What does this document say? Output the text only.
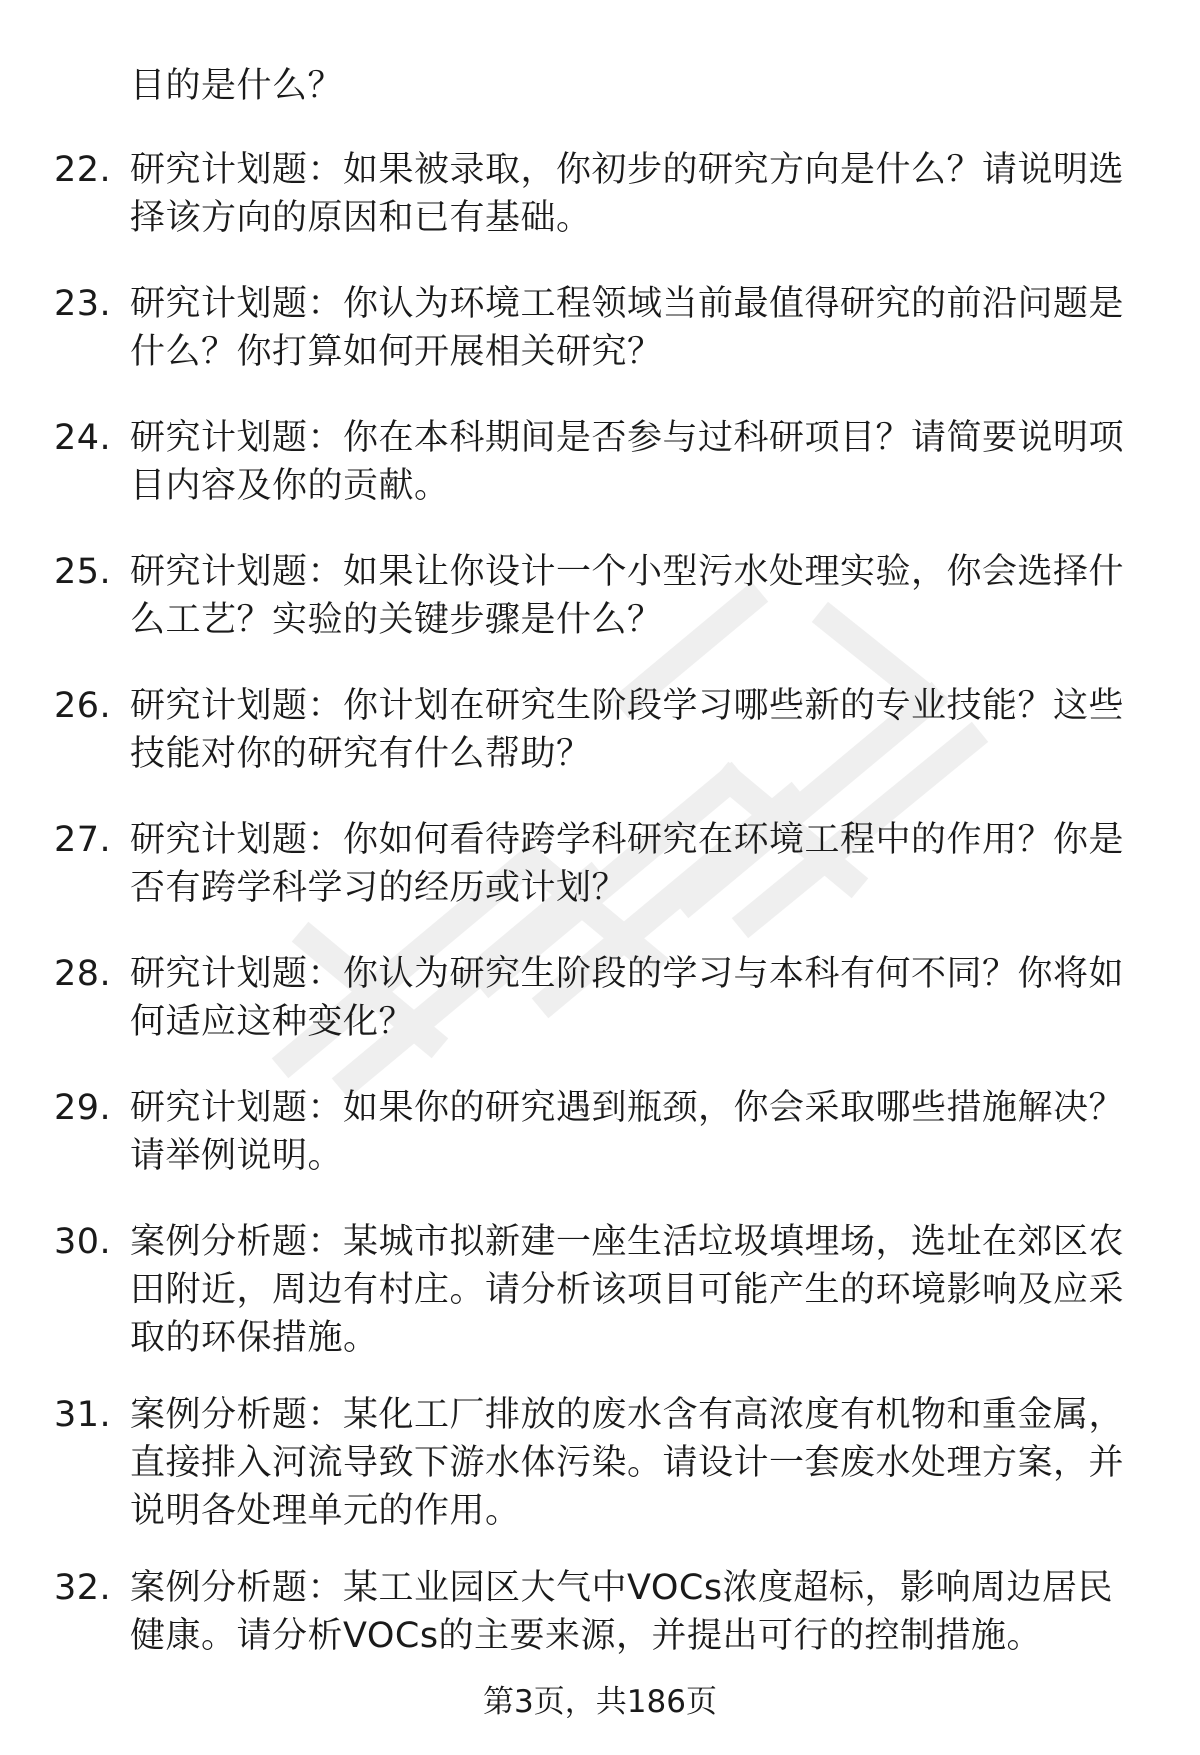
目的是什么？
22. 研究计划题：如果被录取，你初步的研究方向是什么？请说明选
择该方向的原因和已有基础。
23. 研究计划题：你认为环境工程领域当前最值得研究的前沿问题是
什么？你打算如何开展相关研究？
24. 研究计划题：你在本科期间是否参与过科研项目？请简要说明项
目内容及你的贡献。
25. 研究计划题：如果让你设计一个小型污水处理实验，你会选择什
么工艺？实验的关键步骤是什么？
26. 研究计划题：你计划在研究生阶段学习哪些新的专业技能？这些
技能对你的研究有什么帮助？
27. 研究计划题：你如何看待跨学科研究在环境工程中的作用？你是
否有跨学科学习的经历或计划？
28. 研究计划题：你认为研究生阶段的学习与本科有何不同？你将如
何适应这种变化？
29. 研究计划题：如果你的研究遇到瓶颈，你会采取哪些措施解决？
请举例说明。
30. 案例分析题：某城市拟新建一座生活垃圾填埋场，选址在郊区农
田附近，周边有村庄。请分析该项目可能产生的环境影响及应采
取的环保措施。
31. 案例分析题：某化工厂排放的废水含有高浓度有机物和重金属，
直接排入河流导致下游水体污染。请设计一套废水处理方案，并
说明各处理单元的作用。
32. 案例分析题：某工业园区大气中VOCs浓度超标，影响周边居民
健康。请分析VOCs的主要来源，并提出可行的控制措施。
第3页，共186页
